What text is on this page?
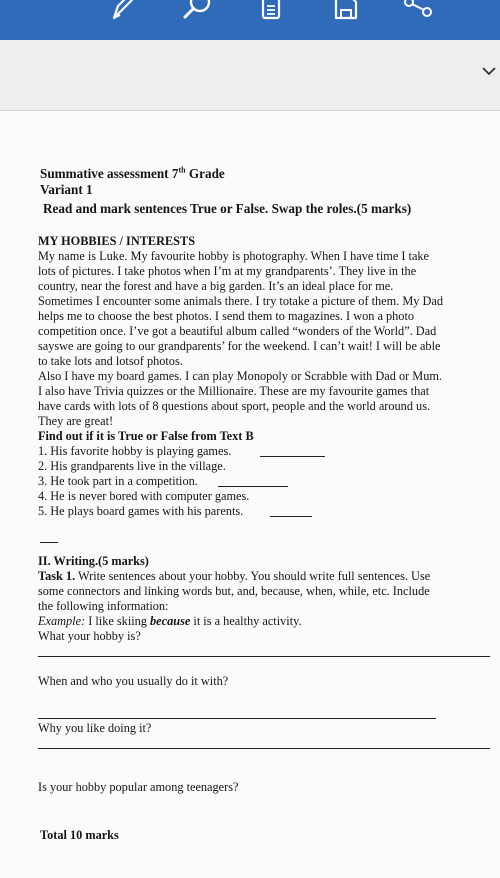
Summative assessment 7th Grade
Variant 1
Read and mark sentences True or False. Swap the roles.(5 marks)
MY HOBBIES / INTERESTS
My name is Luke. My favourite hobby is photography. When I have time I take
lots of pictures. I take photos when I’m at my grandparents’. They live in the
country, near the forest and have a big garden. It’s an ideal place for me.
Sometimes I encounter some animals there. I try totake a picture of them. My Dad
helps me to choose the best photos. I send them to magazines. I won a photo
competition once. I’ve got a beautiful album called “wonders of the World”. Dad
sayswe are going to our grandparents’ for the weekend. I can’t wait! I will be able
to take lots and lotsof photos.
Also I have my board games. I can play Monopoly or Scrabble with Dad or Mum.
I also have Trivia quizzes or the Millionaire. These are my favourite games that
have cards with lots of 8 questions about sport, people and the world around us.
They are great!
Find out if it is True or False from Text B
1. His favorite hobby is playing games.
2. His grandparents live in the village.
3. He took part in a competition.
4. He is never bored with computer games.
5. He plays board games with his parents.
II. Writing.(5 marks)
Task 1. Write sentences about your hobby. You should write full sentences. Use
some connectors and linking words but, and, because, when, while, etc. Include
the following information:
Example: I like skiing because it is a healthy activity.
What your hobby is?
When and who you usually do it with?
Why you like doing it?
Is your hobby popular among teenagers?
Total 10 marks
